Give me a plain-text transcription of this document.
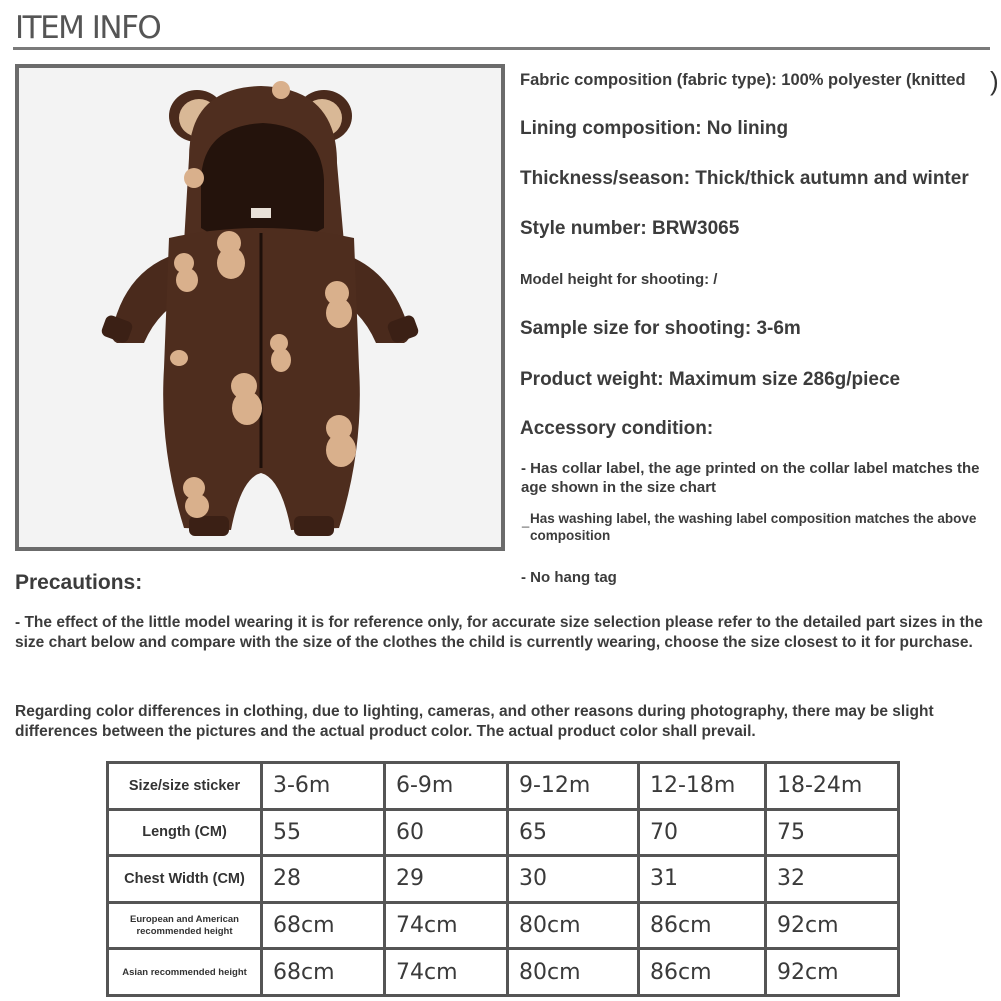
ITEM INFO

Fabric composition (fabric type): 100% polyester (knitted )

Lining composition: No lining

Thickness/season: Thick/thick autumn and winter

Style number: BRW3065

Model height for shooting: /

Sample size for shooting: 3-6m

Product weight: Maximum size 286g/piece

Accessory condition:

- Has collar label, the age printed on the collar label matches the age shown in the size chart

_ Has washing label, the washing label composition matches the above composition

- No hang tag

Precautions:

- The effect of the little model wearing it is for reference only, for accurate size selection please refer to the detailed part sizes in the size chart below and compare with the size of the clothes the child is currently wearing, choose the size closest to it for purchase.

Regarding color differences in clothing, due to lighting, cameras, and other reasons during photography, there may be slight differences between the pictures and the actual product color. The actual product color shall prevail.

Size/size sticker	3-6m	6-9m	9-12m	12-18m	18-24m
Length (CM)	55	60	65	70	75
Chest Width (CM)	28	29	30	31	32
European and American recommended height	68cm	74cm	80cm	86cm	92cm
Asian recommended height	68cm	74cm	80cm	86cm	92cm
